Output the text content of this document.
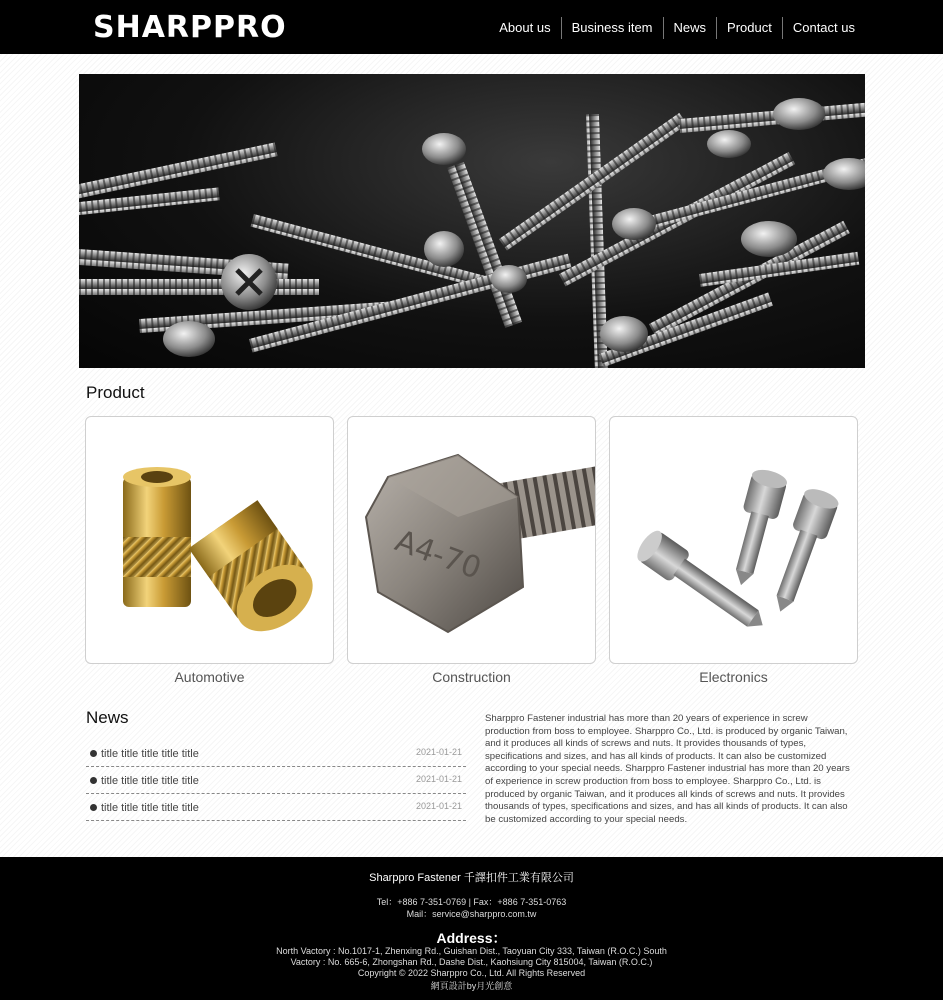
SHARPPRO	About us	Business item	News	Product	Contact us
Product
Automotive
A4-70
Construction	Electronics
News
title title title title title	2021-01-21
title title title title title	2021-01-21
title title title title title	2021-01-21
Sharppro Fastener industrial has more than 20 years of experience in screw production from boss to employee. Sharppro Co., Ltd. is produced by organic Taiwan, and it produces all kinds of screws and nuts. It provides thousands of types, specifications and sizes, and has all kinds of products. It can also be customized according to your special needs. Sharppro Fastener industrial has more than 20 years of experience in screw production from boss to employee. Sharppro Co., Ltd. is produced by organic Taiwan, and it produces all kinds of screws and nuts. It provides thousands of types, specifications and sizes, and has all kinds of products. It can also be customized according to your special needs.
Sharppro Fastener 千譯扣件工業有限公司
Tel：+886 7-351-0769 | Fax：+886 7-351-0763
Mail：service@sharppro.com.tw
Address：
North Vactory : No.1017-1, Zhenxing Rd., Guishan Dist., Taoyuan City 333, Taiwan (R.O.C.) South
Vactory : No. 665-6, Zhongshan Rd., Dashe Dist., Kaohsiung City 815004, Taiwan (R.O.C.)
Copyright © 2022 Sharppro Co., Ltd. All Rights Reserved
網頁設計by月光創意
